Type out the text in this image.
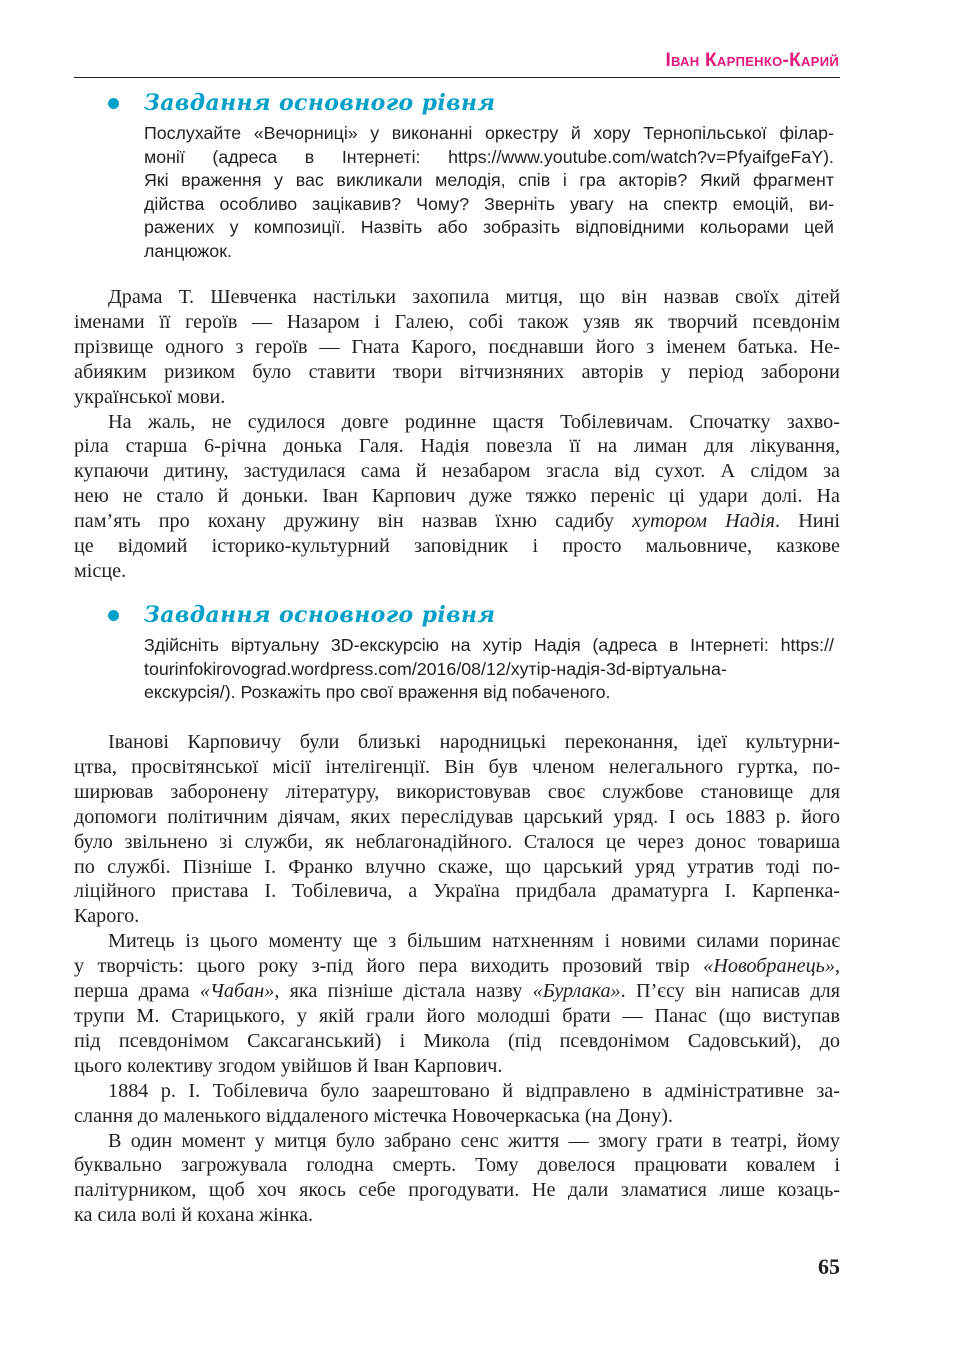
Іван Карпенко-Карий
Завдання основного рівня

Послухайте «Вечорниці» у виконанні оркестру й хору Тернопільської філар-
монії (адреса в Інтернеті: https://www.youtube.com/watch?v=PfyaifgeFaY).
Які враження у вас викликали мелодія, спів і гра акторів? Який фрагмент
дійства особливо зацікавив? Чому? Зверніть увагу на спектр емоцій, ви-
ражених у композиції. Назвіть або зобразіть відповідними кольорами цей
ланцюжок.

Драма Т. Шевченка настільки захопила митця, що він назвав своїх дітей
іменами її героїв — Назаром і Галею, собі також узяв як творчий псевдонім
прізвище одного з героїв — Гната Карого, поєднавши його з іменем батька. Не-
абияким ризиком було ставити твори вітчизняних авторів у період заборони
української мови.

На жаль, не судилося довге родинне щастя Тобілевичам. Спочатку захво-
ріла старша 6-річна донька Галя. Надія повезла її на лиман для лікування,
купаючи дитину, застудилася сама й незабаром згасла від сухот. А слідом за
нею не стало й доньки. Іван Карпович дуже тяжко переніс ці удари долі. На
пам’ять про кохану дружину він назвав їхню садибу хутором Надія. Нині
це відомий історико-культурний заповідник і просто мальовниче, казкове
місце.

Завдання основного рівня

Здійсніть віртуальну 3D-екскурсію на хутір Надія (адреса в Інтернеті: https://
tourinfokirovograd.wordpress.com/2016/08/12/хутір-надія-3d-віртуальна-
екскурсія/). Розкажіть про свої враження від побаченого.

Іванові Карповичу були близькі народницькі переконання, ідеї культурни-
цтва, просвітянської місії інтелігенції. Він був членом нелегального гуртка, по-
ширював заборонену літературу, використовував своє службове становище для
допомоги політичним діячам, яких переслідував царський уряд. І ось 1883 р. його
було звільнено зі служби, як неблагонадійного. Сталося це через донос товариша
по службі. Пізніше І. Франко влучно скаже, що царський уряд утратив тоді по-
ліційного пристава І. Тобілевича, а Україна придбала драматурга І. Карпенка-
Карого.

Митець із цього моменту ще з більшим натхненням і новими силами поринає
у творчість: цього року з-під його пера виходить прозовий твір «Новобранець»,
перша драма «Чабан», яка пізніше дістала назву «Бурлака». П’єсу він написав для
трупи М. Старицького, у якій грали його молодші брати — Панас (що виступав
під псевдонімом Саксаганський) і Микола (під псевдонімом Садовський), до
цього колективу згодом увійшов й Іван Карпович.

1884 р. І. Тобілевича було заарештовано й відправлено в адміністративне за-
слання до маленького віддаленого містечка Новочеркаська (на Дону).

В один момент у митця було забрано сенс життя — змогу грати в театрі, йому
буквально загрожувала голодна смерть. Тому довелося працювати ковалем і
палітурником, щоб хоч якось себе прогодувати. Не дали зламатися лише козаць-
ка сила волі й кохана жінка.

65
